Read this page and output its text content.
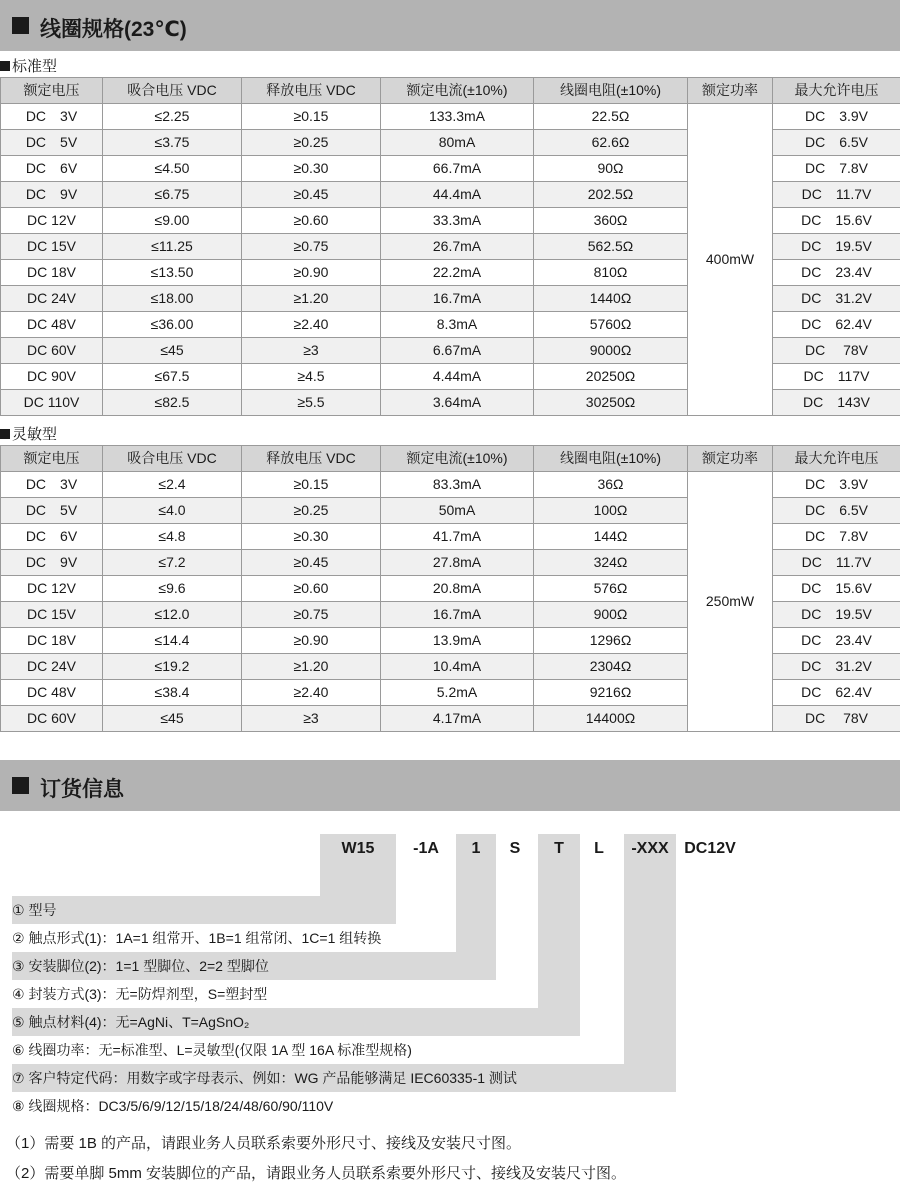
线圈规格(23℃)
标准型
额定电压	吸合电压 VDC	释放电压 VDC	额定电流(±10%)	线圈电阻(±10%)	额定功率	最大允许电压
DC　3V	≤2.25	≥0.15	133.3mA	22.5Ω	400mW	DC　3.9V
DC　5V	≤3.75	≥0.25	80mA	62.6Ω		DC　6.5V
DC　6V	≤4.50	≥0.30	66.7mA	90Ω		DC　7.8V
DC　9V	≤6.75	≥0.45	44.4mA	202.5Ω		DC　11.7V
DC 12V	≤9.00	≥0.60	33.3mA	360Ω		DC　15.6V
DC 15V	≤11.25	≥0.75	26.7mA	562.5Ω		DC　19.5V
DC 18V	≤13.50	≥0.90	22.2mA	810Ω		DC　23.4V
DC 24V	≤18.00	≥1.20	16.7mA	1440Ω		DC　31.2V
DC 48V	≤36.00	≥2.40	8.3mA	5760Ω		DC　62.4V
DC 60V	≤45	≥3	6.67mA	9000Ω		DC　 78V
DC 90V	≤67.5	≥4.5	4.44mA	20250Ω		DC　117V
DC 110V	≤82.5	≥5.5	3.64mA	30250Ω		DC　143V
灵敏型
额定电压	吸合电压 VDC	释放电压 VDC	额定电流(±10%)	线圈电阻(±10%)	额定功率	最大允许电压
DC　3V	≤2.4	≥0.15	83.3mA	36Ω	250mW	DC　3.9V
DC　5V	≤4.0	≥0.25	50mA	100Ω		DC　6.5V
DC　6V	≤4.8	≥0.30	41.7mA	144Ω		DC　7.8V
DC　9V	≤7.2	≥0.45	27.8mA	324Ω		DC　11.7V
DC 12V	≤9.6	≥0.60	20.8mA	576Ω		DC　15.6V
DC 15V	≤12.0	≥0.75	16.7mA	900Ω		DC　19.5V
DC 18V	≤14.4	≥0.90	13.9mA	1296Ω		DC　23.4V
DC 24V	≤19.2	≥1.20	10.4mA	2304Ω		DC　31.2V
DC 48V	≤38.4	≥2.40	5.2mA	9216Ω		DC　62.4V
DC 60V	≤45	≥3	4.17mA	14400Ω		DC　 78V
订货信息
W15	-1A	1	S	T	L	-XXX DC12V
① 型号
② 触点形式(1)：1A=1 组常开、1B=1 组常闭、1C=1 组转换
③ 安装脚位(2)：1=1 型脚位、2=2 型脚位
④ 封装方式(3)：无=防焊剂型，S=塑封型
⑤ 触点材料(4)：无=AgNi、T=AgSnO₂
⑥ 线圈功率：无=标准型、L=灵敏型(仅限 1A 型 16A 标准型规格)
⑦ 客户特定代码：用数字或字母表示、例如：WG 产品能够满足 IEC60335-1 测试
⑧ 线圈规格：DC3/5/6/9/12/15/18/24/48/60/90/110V
（1）需要 1B 的产品，请跟业务人员联系索要外形尺寸、接线及安装尺寸图。
（2）需要单脚 5mm 安装脚位的产品，请跟业务人员联系索要外形尺寸、接线及安装尺寸图。
